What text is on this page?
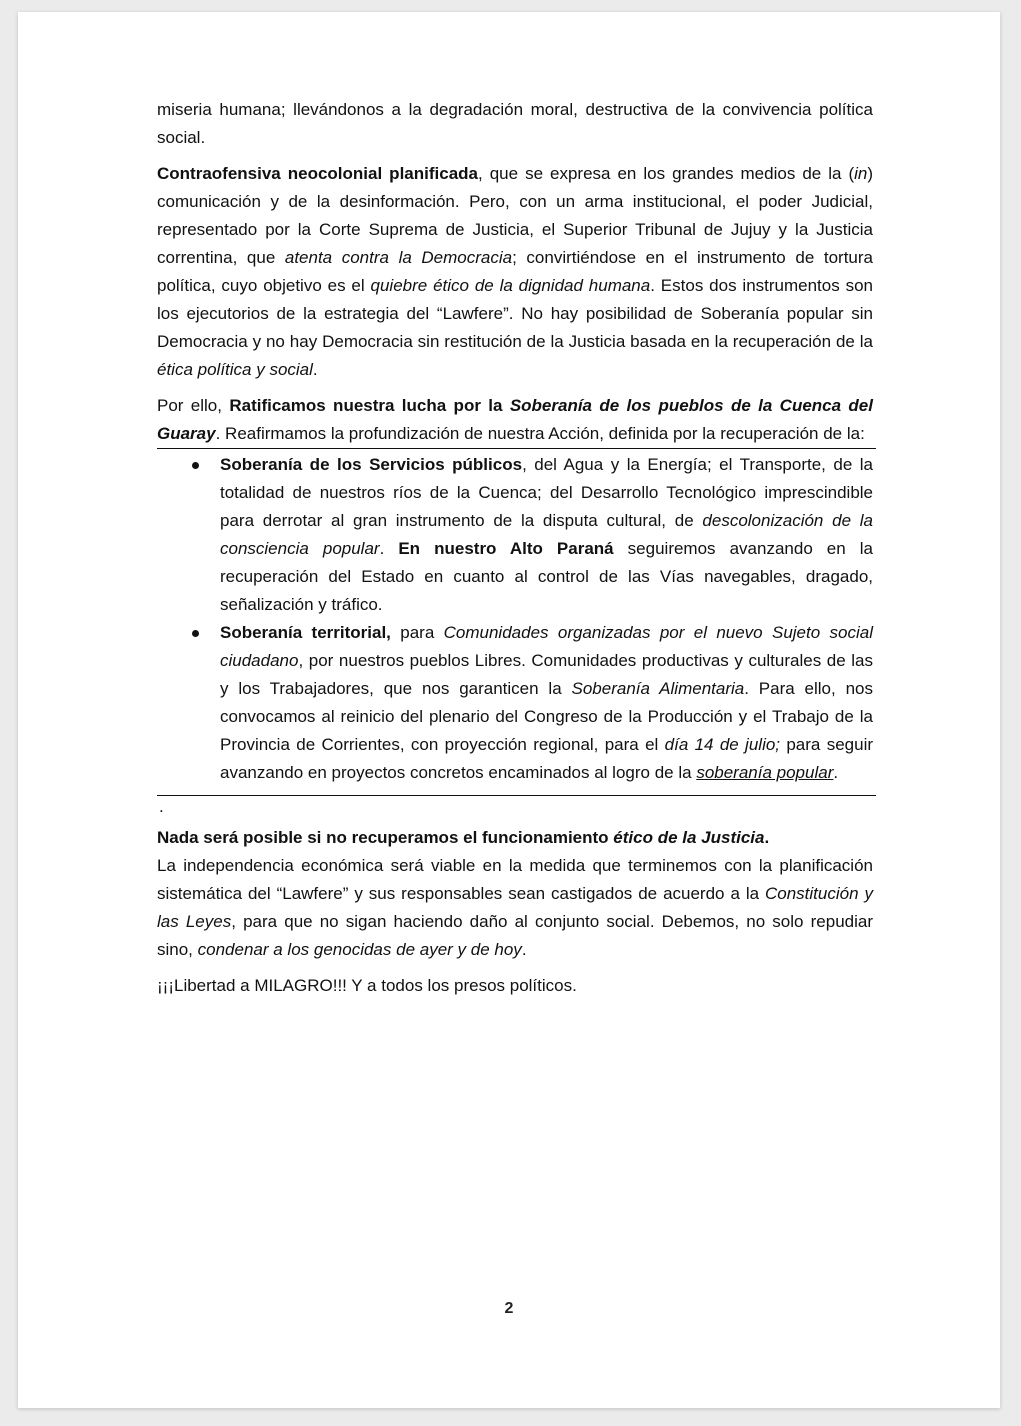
miseria humana; llevándonos a la degradación moral, destructiva de la convivencia política social.

Contraofensiva neocolonial planificada, que se expresa en los grandes medios de la (in) comunicación y de la desinformación. Pero, con un arma institucional, el poder Judicial, representado por la Corte Suprema de Justicia, el Superior Tribunal de Jujuy y la Justicia correntina, que atenta contra la Democracia; convirtiéndose en el instrumento de tortura política, cuyo objetivo es el quiebre ético de la dignidad humana. Estos dos instrumentos son los ejecutorios de la estrategia del “Lawfere”. No hay posibilidad de Soberanía popular sin Democracia y no hay Democracia sin restitución de la Justicia basada en la recuperación de la ética política y social.

Por ello, Ratificamos nuestra lucha por la Soberanía de los pueblos de la Cuenca del Guaray. Reafirmamos la profundización de nuestra Acción, definida por la recuperación de la:

Soberanía de los Servicios públicos, del Agua y la Energía; el Transporte, de la totalidad de nuestros ríos de la Cuenca; del Desarrollo Tecnológico imprescindible para derrotar al gran instrumento de la disputa cultural, de descolonización de la consciencia popular. En nuestro Alto Paraná seguiremos avanzando en la recuperación del Estado en cuanto al control de las Vías navegables, dragado, señalización y tráfico.
Soberanía territorial, para Comunidades organizadas por el nuevo Sujeto social ciudadano, por nuestros pueblos Libres. Comunidades productivas y culturales de las y los Trabajadores, que nos garanticen la Soberanía Alimentaria. Para ello, nos convocamos al reinicio del plenario del Congreso de la Producción y el Trabajo de la Provincia de Corrientes, con proyección regional, para el día 14 de julio; para seguir avanzando en proyectos concretos encaminados al logro de la soberanía popular.
.

Nada será posible si no recuperamos el funcionamiento ético de la Justicia.

La independencia económica será viable en la medida que terminemos con la planificación sistemática del “Lawfere” y sus responsables sean castigados de acuerdo a la Constitución y las Leyes, para que no sigan haciendo daño al conjunto social. Debemos, no solo repudiar sino, condenar a los genocidas de ayer y de hoy.

¡¡¡Libertad a MILAGRO!!! Y a todos los presos políticos.

2
